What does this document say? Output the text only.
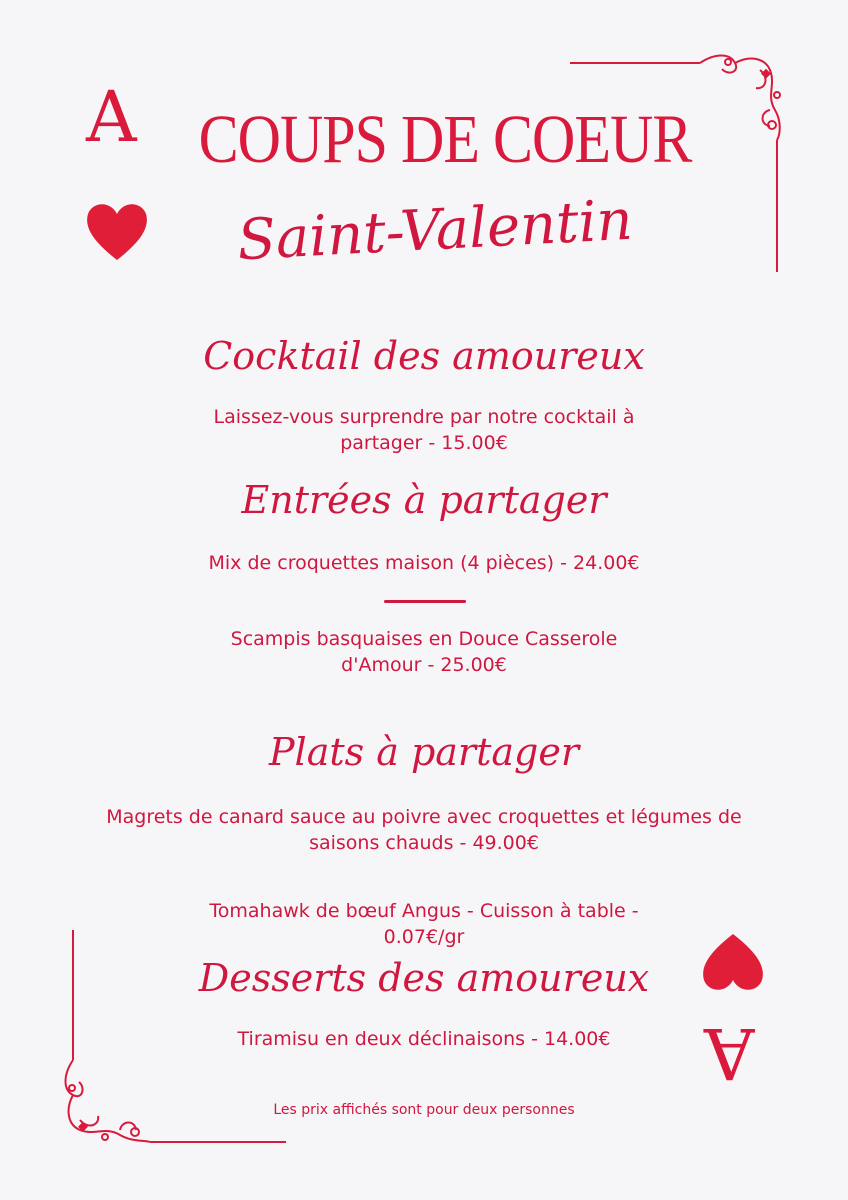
A COUPS DE COEUR
Saint-Valentin
Cocktail des amoureux
Laissez-vous surprendre par notre cocktail à partager - 15.00€
Entrées à partager
Mix de croquettes maison (4 pièces) - 24.00€
Scampis basquaises en Douce Casserole d'Amour - 25.00€
Plats à partager
Magrets de canard sauce au poivre avec croquettes et légumes de saisons chauds - 49.00€
Tomahawk de bœuf Angus - Cuisson à table - 0.07€/gr
Desserts des amoureux
Tiramisu en deux déclinaisons - 14.00€
Les prix affichés sont pour deux personnes
A
